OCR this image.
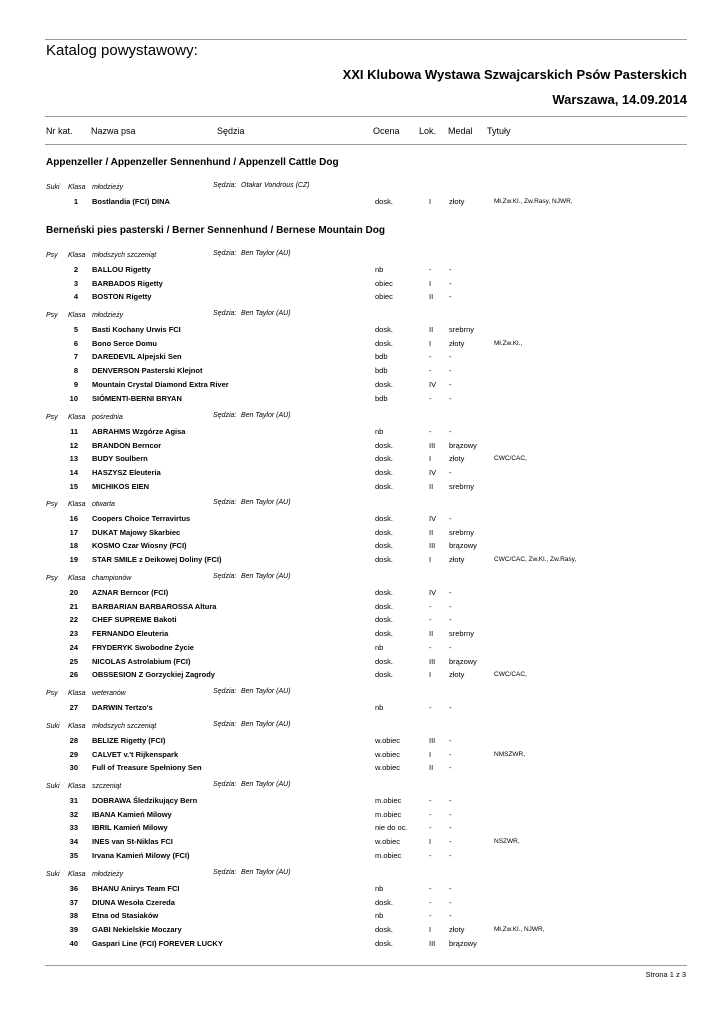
Katalog powystawowy:
XXI Klubowa Wystawa Szwajcarskich Psów Pasterskich
Warszawa, 14.09.2014
Nr kat. Nazwa psa	Sędzia	Ocena Lok. Medal Tytuły
Appenzeller / Appenzeller Sennenhund / Appenzell Cattle Dog
Suki Klasa młodzieży	Sędzia: Otakar Vondrous (CZ)
1 Bostlandia (FCI) DINA	dosk.	I złoty	Mł.Zw.Kl., Zw.Rasy, NJWR,
Berneński pies pasterski / Berner Sennenhund / Bernese Mountain Dog
Psy Klasa młodszych szczeniąt	Sędzia: Ben Taylor (AU)
2 BALLOU Rigetty	nb	- -
3 BARBADOS Rigetty	obiec	I -
4 BOSTON Rigetty	obiec	II -
Psy Klasa młodzieży	Sędzia: Ben Taylor (AU)
5 Basti Kochany Urwis FCI	dosk.	II srebrny
6 Bono Serce Domu	dosk.	I złoty	Mł.Zw.Kl.,
7 DAREDEVIL Alpejski Sen	bdb	- -
8 DENVERSON Pasterski Klejnot	bdb	- -
9 Mountain Crystal Diamond Extra River	dosk.	IV -
10 SIÓMENTI-BERNI BRYAN	bdb	- -
Psy Klasa pośrednia	Sędzia: Ben Taylor (AU)
11 ABRAHMS Wzgórze Agisa	nb	- -
12 BRANDON Berncor	dosk.	III brązowy
13 BUDY Soulbern	dosk.	I złoty	CWC/CAC,
14 HASZYSZ Eleuteria	dosk.	IV -
15 MICHIKOS EIEN	dosk.	II srebrny
Psy Klasa otwarta	Sędzia: Ben Taylor (AU)
16 Coopers Choice Terravirtus	dosk.	IV -
17 DUKAT Majowy Skarbiec	dosk.	II srebrny
18 KOSMO Czar Wiosny (FCI)	dosk.	III brązowy
19 STAR SMILE z Deikowej Doliny (FCI)	dosk.	I złoty	CWC/CAC, Zw.Kl., Zw.Rasy,
Psy Klasa championów	Sędzia: Ben Taylor (AU)
20 AZNAR Berncor (FCI)	dosk.	IV -
21 BARBARIAN BARBAROSSA Altura	dosk.	- -
22 CHEF SUPREME Bakoti	dosk.	- -
23 FERNANDO Eleuteria	dosk.	II srebrny
24 FRYDERYK Swobodne Życie	nb	- -
25 NICOLAS Astrolabium (FCI)	dosk.	III brązowy
26 OBSSESION Z Gorzyckiej Zagrody	dosk.	I złoty	CWC/CAC,
Psy Klasa weteranów	Sędzia: Ben Taylor (AU)
27 DARWIN Tertzo's	nb	- -
Suki Klasa młodszych szczeniąt	Sędzia: Ben Taylor (AU)
28 BELIZE Rigetty (FCI)	w.obiec	III -
29 CALVET v.'t Rijkenspark	w.obiec	I -	NMSZWR,
30 Full of Treasure Spełniony Sen	w.obiec	II -
Suki Klasa szczeniąt	Sędzia: Ben Taylor (AU)
31 DOBRAWA Śledzikujący Bern	m.obiec	- -
32 IBANA Kamień Milowy	m.obiec	- -
33 IBRIL Kamień Milowy	nie do oc.	- -
34 INES van St-Niklas FCI	w.obiec	I -	NSZWR,
35 Irvana Kamień Milowy (FCI)	m.obiec	- -
Suki Klasa młodzieży	Sędzia: Ben Taylor (AU)
36 BHANU Anirys Team FCI	nb	- -
37 DIUNA Wesoła Czereda	dosk.	- -
38 Etna od Stasiaków	nb	- -
39 GABI Nekielskie Moczary	dosk.	I złoty	Mł.Zw.Kl., NJWR,
40 Gaspari Line (FCI) FOREVER LUCKY	dosk.	III brązowy
Strona 1 z 3
